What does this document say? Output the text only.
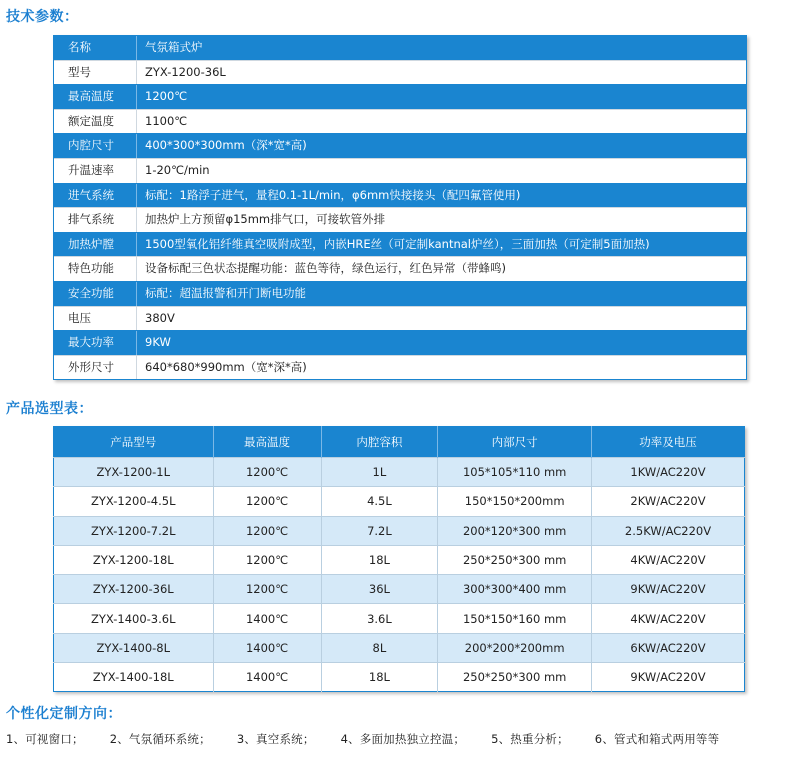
技术参数：
名称	气氛箱式炉
型号	ZYX-1200-36L
最高温度	1200℃
额定温度	1100℃
内腔尺寸	400*300*300mm（深*宽*高)
升温速率	1-20℃/min
进气系统	标配：1路浮子进气，量程0.1-1L/min，φ6mm快接接头（配四氟管使用)
排气系统	加热炉上方预留φ15mm排气口，可接软管外排
加热炉膛	1500型氧化铝纤维真空吸附成型，内嵌HRE丝（可定制kantnal炉丝），三面加热（可定制5面加热)
特色功能	设备标配三色状态提醒功能：蓝色等待，绿色运行，红色异常（带蜂鸣)
安全功能	标配：超温报警和开门断电功能
电压	380V
最大功率	9KW
外形尺寸	640*680*990mm（宽*深*高)
产品选型表：
产品型号	最高温度	内腔容积	内部尺寸	功率及电压
ZYX-1200-1L	1200℃	1L	105*105*110 mm	1KW/AC220V
ZYX-1200-4.5L	1200℃	4.5L	150*150*200mm	2KW/AC220V
ZYX-1200-7.2L	1200℃	7.2L	200*120*300 mm	2.5KW/AC220V
ZYX-1200-18L	1200℃	18L	250*250*300 mm	4KW/AC220V
ZYX-1200-36L	1200℃	36L	300*300*400 mm	9KW/AC220V
ZYX-1400-3.6L	1400℃	3.6L	150*150*160 mm	4KW/AC220V
ZYX-1400-8L	1400℃	8L	200*200*200mm	6KW/AC220V
ZYX-1400-18L	1400℃	18L	250*250*300 mm	9KW/AC220V
个性化定制方向：
1、可视窗口； 2、气氛循环系统； 3、真空系统； 4、多面加热独立控温； 5、热重分析； 6、管式和箱式两用等等
